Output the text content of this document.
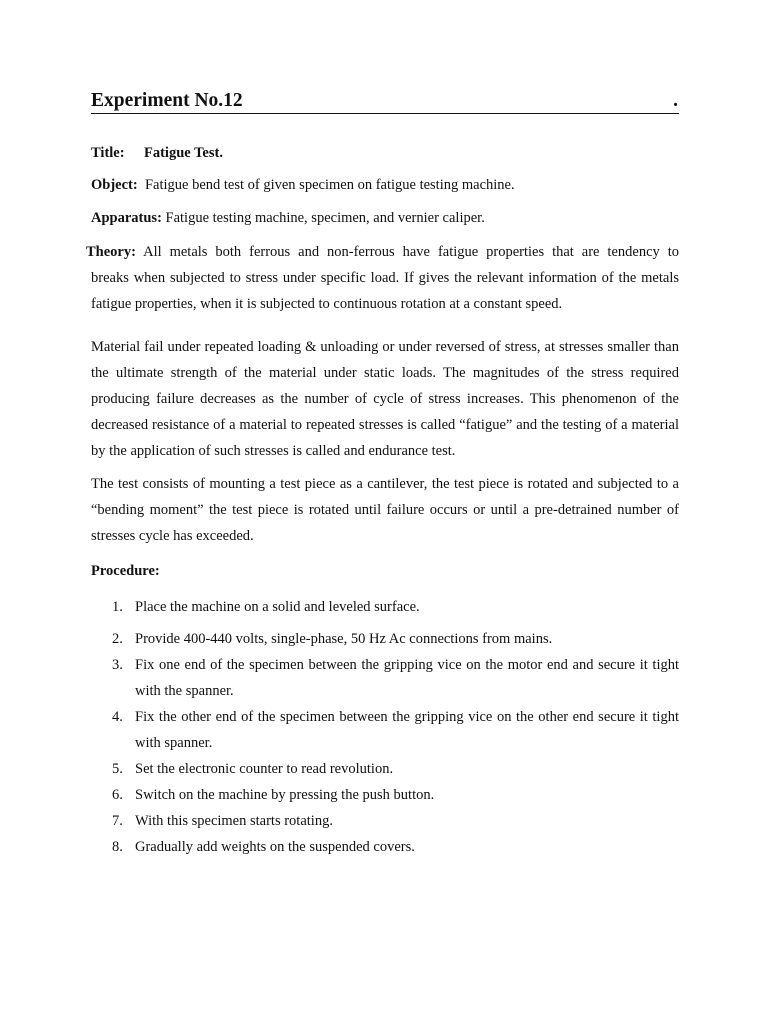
Experiment No.12	.
Title: Fatigue Test.
Object: Fatigue bend test of given specimen on fatigue testing machine.
Apparatus: Fatigue testing machine, specimen, and vernier caliper.
Theory: All metals both ferrous and non-ferrous have fatigue properties that are tendency to
breaks when subjected to stress under specific load. If gives the relevant information of the metals fatigue properties, when it is subjected to continuous rotation at a constant speed.
Material fail under repeated loading & unloading or under reversed of stress, at stresses smaller than the ultimate strength of the material under static loads. The magnitudes of the stress required producing failure decreases as the number of cycle of stress increases. This phenomenon of the decreased resistance of a material to repeated stresses is called “fatigue” and the testing of a material by the application of such stresses is called and endurance test.
The test consists of mounting a test piece as a cantilever, the test piece is rotated and subjected to a “bending moment” the test piece is rotated until failure occurs or until a pre-detrained number of stresses cycle has exceeded.
Procedure:
1. Place the machine on a solid and leveled surface.
2. Provide 400-440 volts, single-phase, 50 Hz Ac connections from mains.
3. Fix one end of the specimen between the gripping vice on the motor end and secure it tight with the spanner.
4. Fix the other end of the specimen between the gripping vice on the other end secure it tight with spanner.
5. Set the electronic counter to read revolution.
6. Switch on the machine by pressing the push button.
7. With this specimen starts rotating.
8. Gradually add weights on the suspended covers.
